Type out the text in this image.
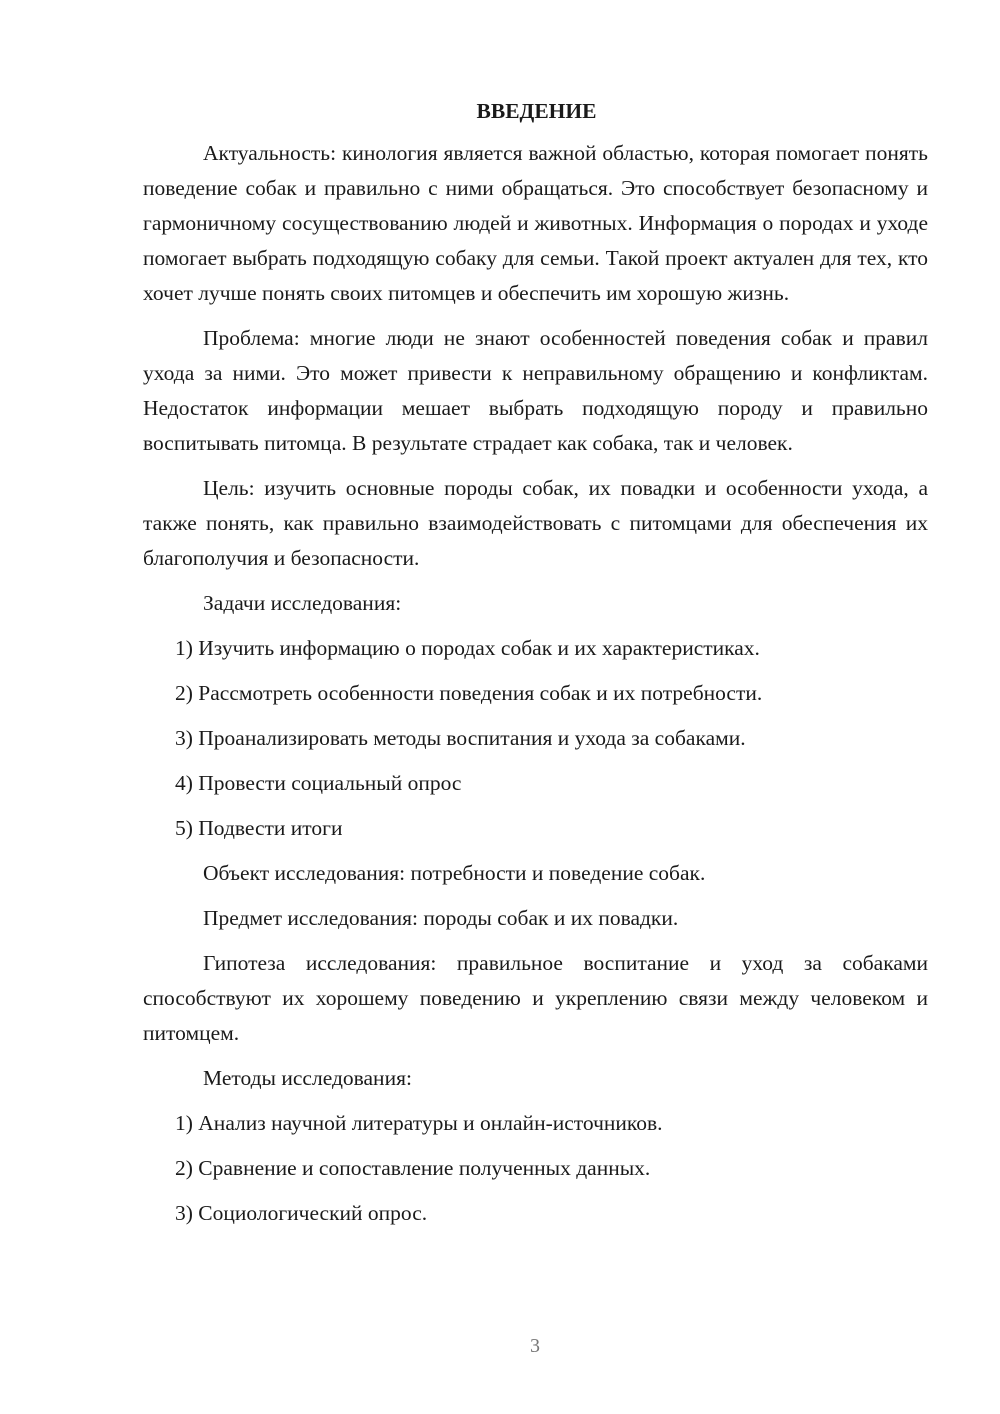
ВВЕДЕНИЕ

Актуальность: кинология является важной областью, которая помогает понять поведение собак и правильно с ними обращаться. Это способствует безопасному и гармоничному сосуществованию людей и животных. Информация о породах и уходе помогает выбрать подходящую собаку для семьи. Такой проект актуален для тех, кто хочет лучше понять своих питомцев и обеспечить им хорошую жизнь.

Проблема: многие люди не знают особенностей поведения собак и правил ухода за ними. Это может привести к неправильному обращению и конфликтам. Недостаток информации мешает выбрать подходящую породу и правильно воспитывать питомца. В результате страдает как собака, так и человек.

Цель: изучить основные породы собак, их повадки и особенности ухода, а также понять, как правильно взаимодействовать с питомцами для обеспечения их благополучия и безопасности.

Задачи исследования:

1) Изучить информацию о породах собак и их характеристиках.

2) Рассмотреть особенности поведения собак и их потребности.

3) Проанализировать методы воспитания и ухода за собаками.

4) Провести социальный опрос

5) Подвести итоги

Объект исследования: потребности и поведение собак.

Предмет исследования: породы собак и их повадки.

Гипотеза исследования: правильное воспитание и уход за собаками способствуют их хорошему поведению и укреплению связи между человеком и питомцем.

Методы исследования:

1) Анализ научной литературы и онлайн-источников.

2) Сравнение и сопоставление полученных данных.

3) Социологический опрос.

3
